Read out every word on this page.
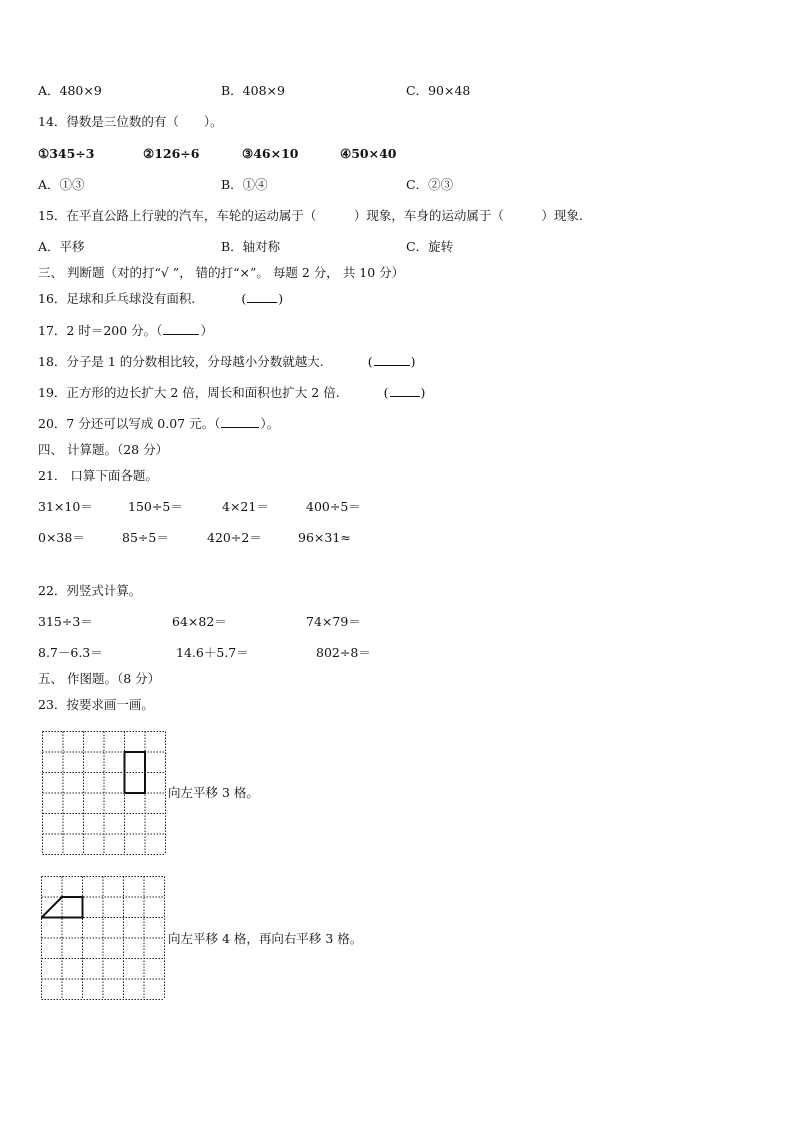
A．480×9	B．408×9	C．90×48
14．得数是三位数的有（　　）。
①345÷3	②126÷6	③46×10	④50×40
A．①③	B．①④	C．②③
15．在平直公路上行驶的汽车，车轮的运动属于（　　　）现象，车身的运动属于（　　　）现象.
A．平移	B．轴对称	C．旋转
三、 判断题（对的打“√ ”， 错的打“×”。 每题 2 分， 共 10 分）
16．足球和乒乓球没有面积.	(	)
17．2 时＝200 分。（	）
18．分子是 1 的分数相比较，分母越小分数就越大.	(	)
19．正方形的边长扩大 2 倍，周长和面积也扩大 2 倍.	(	)
20．7 分还可以写成 0.07 元。（	）。
四、 计算题。（28 分）
21． 口算下面各题。
31×10＝	150÷5＝	4×21＝	400÷5＝
0×38＝	85÷5＝	420÷2＝	96×31≈
22．列竖式计算。
315÷3＝	64×82＝	74×79＝
8.7－6.3＝	14.6＋5.7＝	802÷8＝
五、 作图题。（8 分）
23．按要求画一画。
向左平移 3 格。
向左平移 4 格，再向右平移 3 格。
